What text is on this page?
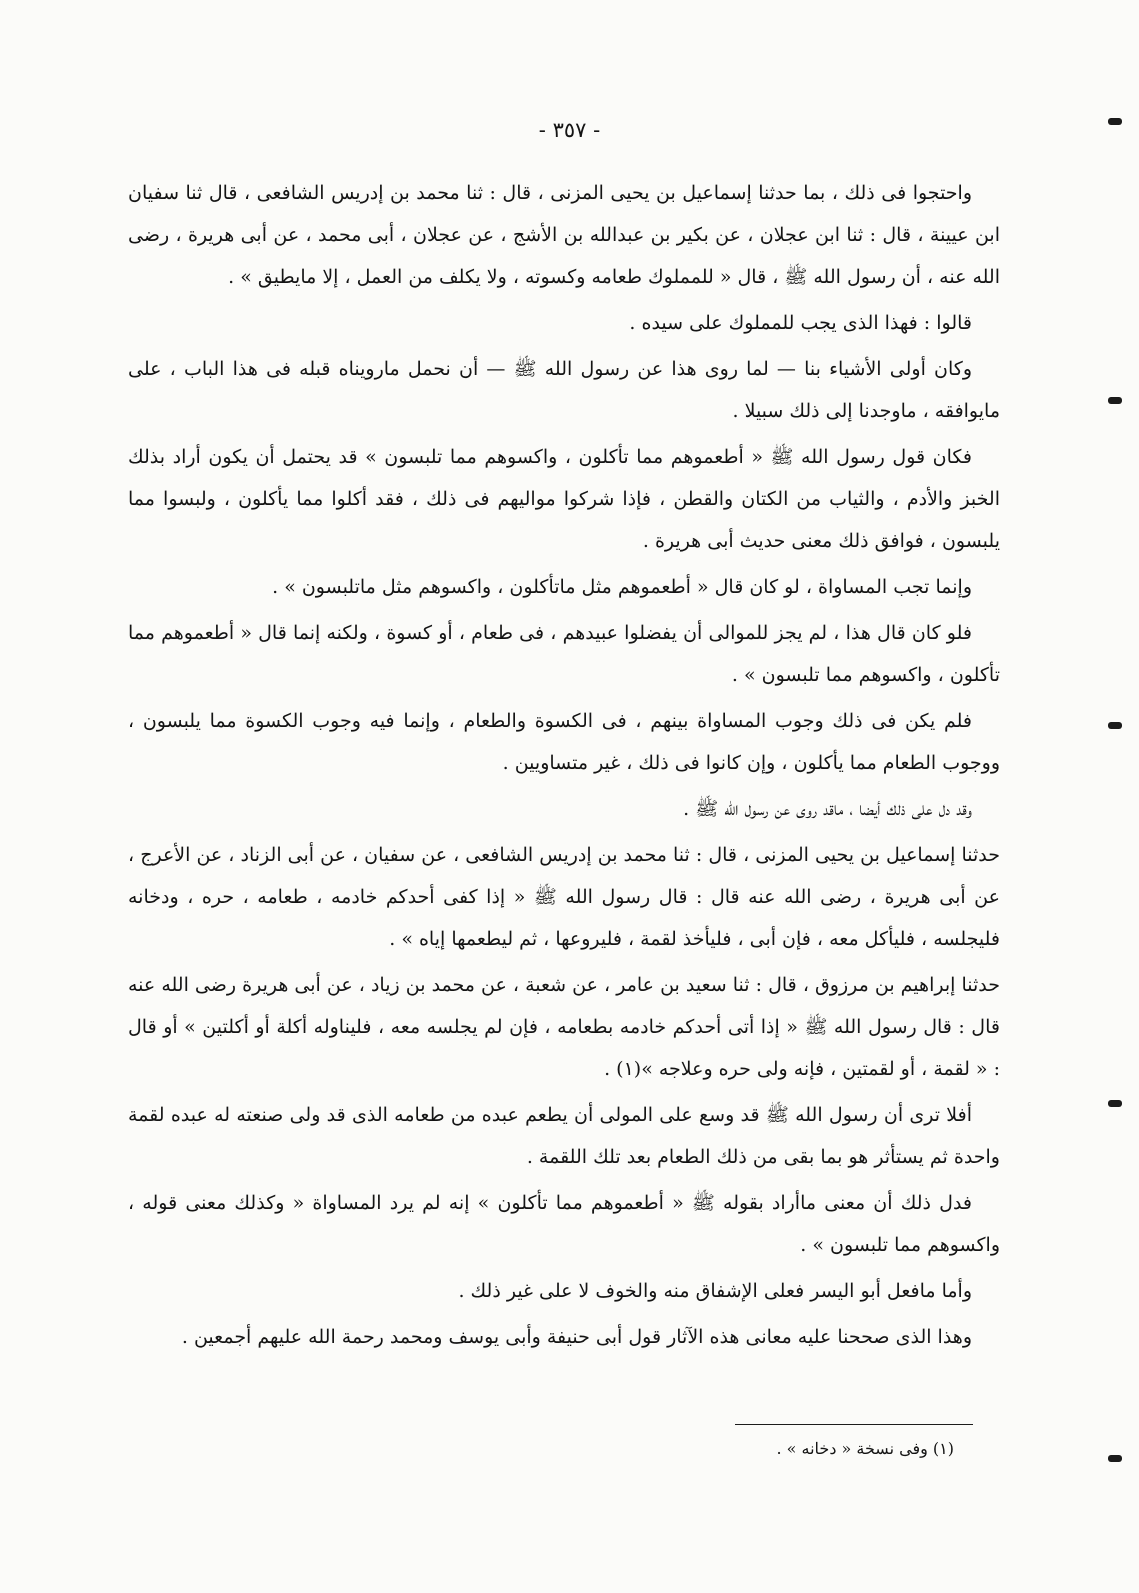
- ٣٥٧ -

واحتجوا فى ذلك ، بما حدثنا إسماعيل بن يحيى المزنى ، قال : ثنا محمد بن إدريس الشافعى ، قال ثنا سفيان ابن عيينة ، قال : ثنا ابن عجلان ، عن بكير بن عبدالله بن الأشج ، عن عجلان ، أبى محمد ، عن أبى هريرة ، رضى الله عنه ، أن رسول الله ﷺ ، قال « للمملوك طعامه وكسوته ، ولا يكلف من العمل ، إلا مايطيق » .

قالوا : فهذا الذى يجب للمملوك على سيده .

وكان أولى الأشياء بنا — لما روى هذا عن رسول الله ﷺ — أن نحمل مارويناه قبله فى هذا الباب ، على مايوافقه ، ماوجدنا إلى ذلك سبيلا .

فكان قول رسول الله ﷺ « أطعموهم مما تأكلون ، واكسوهم مما تلبسون » قد يحتمل أن يكون أراد بذلك الخبز والأدم ، والثياب من الكتان والقطن ، فإذا شركوا مواليهم فى ذلك ، فقد أكلوا مما يأكلون ، ولبسوا مما يلبسون ، فوافق ذلك معنى حديث أبى هريرة .

وإنما تجب المساواة ، لو كان قال « أطعموهم مثل ماتأكلون ، واكسوهم مثل ماتلبسون » .

فلو كان قال هذا ، لم يجز للموالى أن يفضلوا عبيدهم ، فى طعام ، أو كسوة ، ولكنه إنما قال « أطعموهم مما تأكلون ، واكسوهم مما تلبسون » .

فلم يكن فى ذلك وجوب المساواة بينهم ، فى الكسوة والطعام ، وإنما فيه وجوب الكسوة مما يلبسون ، ووجوب الطعام مما يأكلون ، وإن كانوا فى ذلك ، غير متساويين .

وقد دل على ذلك أيضا ، ماقد روى عن رسول الله ﷺ .

حدثنا إسماعيل بن يحيى المزنى ، قال : ثنا محمد بن إدريس الشافعى ، عن سفيان ، عن أبى الزناد ، عن الأعرج ، عن أبى هريرة ، رضى الله عنه قال : قال رسول الله ﷺ « إذا كفى أحدكم خادمه ، طعامه ، حره ، ودخانه فليجلسه ، فليأكل معه ، فإن أبى ، فليأخذ لقمة ، فليروعها ، ثم ليطعمها إياه » .

حدثنا إبراهيم بن مرزوق ، قال : ثنا سعيد بن عامر ، عن شعبة ، عن محمد بن زياد ، عن أبى هريرة رضى الله عنه قال : قال رسول الله ﷺ « إذا أتى أحدكم خادمه بطعامه ، فإن لم يجلسه معه ، فليناوله أكلة أو أكلتين » أو قال : « لقمة ، أو لقمتين ، فإنه ولى حره وعلاجه »(١) .

أفلا ترى أن رسول الله ﷺ قد وسع على المولى أن يطعم عبده من طعامه الذى قد ولى صنعته له عبده لقمة واحدة ثم يستأثر هو بما بقى من ذلك الطعام بعد تلك اللقمة .

فدل ذلك أن معنى ماأراد بقوله ﷺ « أطعموهم مما تأكلون » إنه لم يرد المساواة « وكذلك معنى قوله ، واكسوهم مما تلبسون » .

وأما مافعل أبو اليسر فعلى الإشفاق منه والخوف لا على غير ذلك .

وهذا الذى صححنا عليه معانى هذه الآثار قول أبى حنيفة وأبى يوسف ومحمد رحمة الله عليهم أجمعين .

(١) وفى نسخة « دخانه » .
